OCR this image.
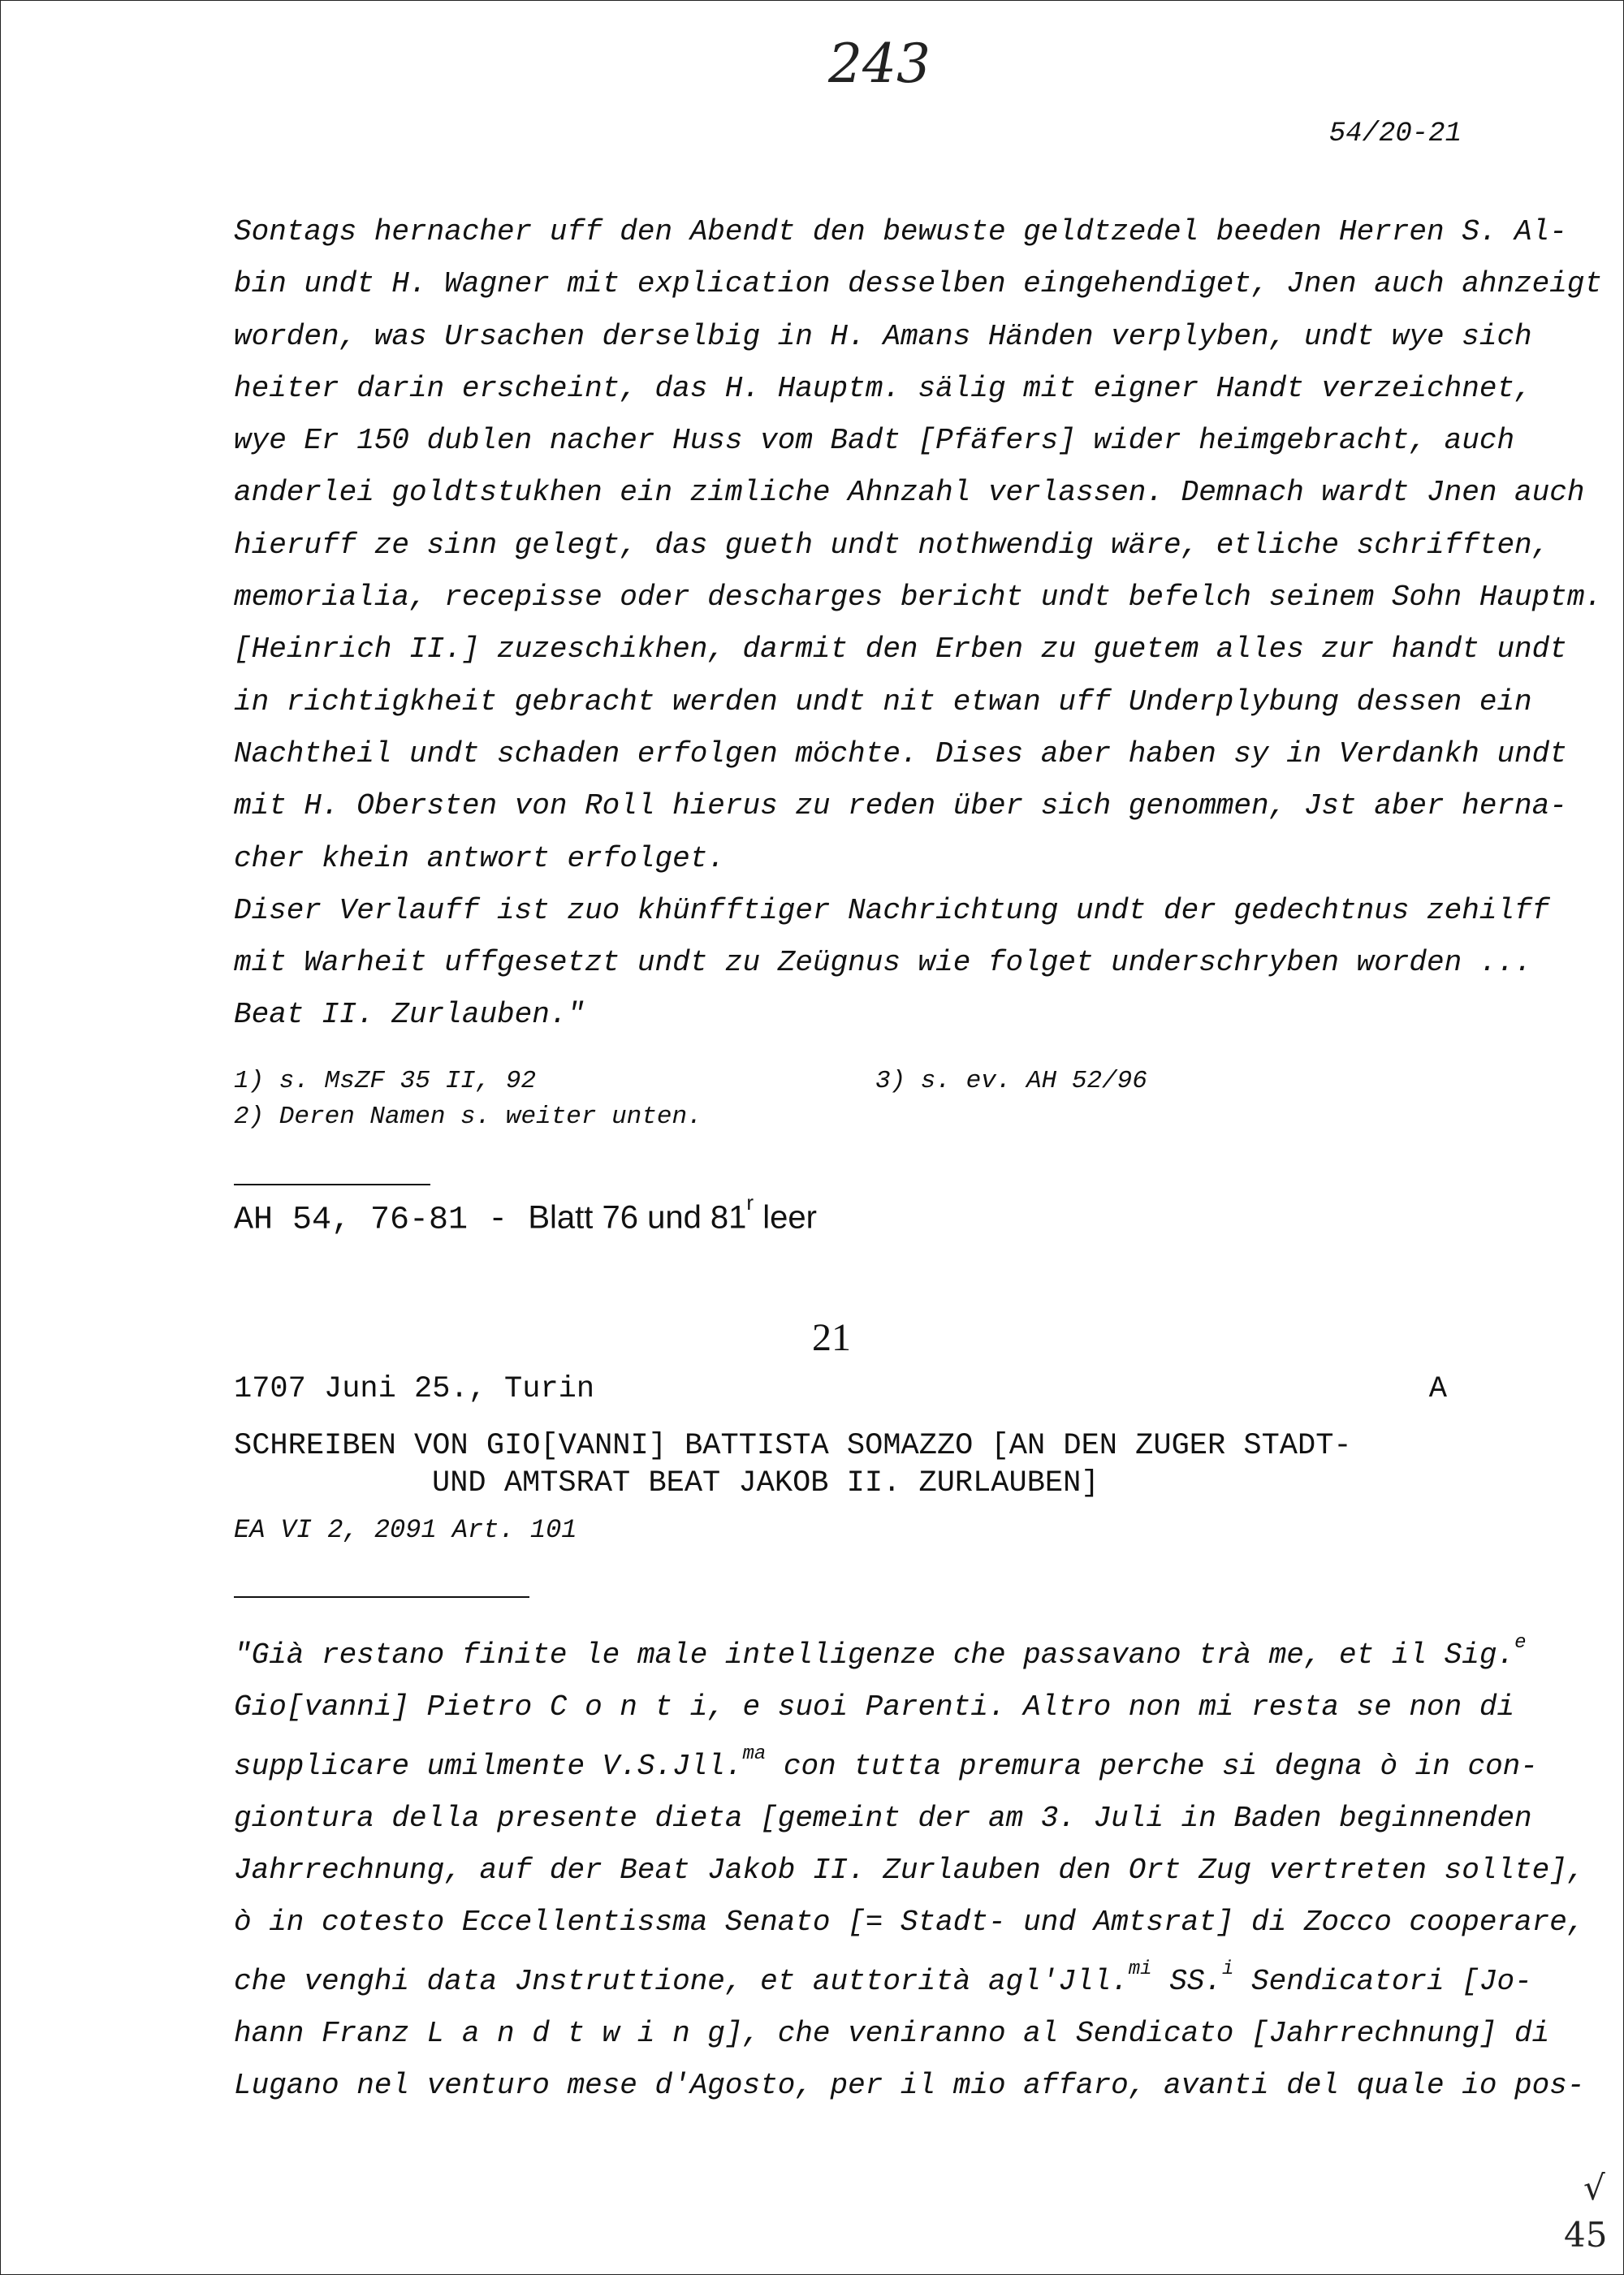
243
54/20-21
Sontags hernacher uff den Abendt den bewuste geldtzedel beeden Herren S. Al-
bin undt H. Wagner mit explication desselben eingehendiget, Jnen auch ahnzeigt
worden, was Ursachen derselbig in H. Amans Händen verplyben, undt wye sich
heiter darin erscheint, das H. Hauptm. sälig mit eigner Handt verzeichnet,
wye Er 150 dublen nacher Huss vom Badt [Pfäfers] wider heimgebracht, auch
anderlei goldtstukhen ein zimliche Ahnzahl verlassen. Demnach wardt Jnen auch
hieruff ze sinn gelegt, das gueth undt nothwendig wäre, etliche schrifften,
memorialia, recepisse oder descharges bericht undt befelch seinem Sohn Hauptm.
[Heinrich II.] zuzeschikhen, darmit den Erben zu guetem alles zur handt undt
in richtigkheit gebracht werden undt nit etwan uff Underplybung dessen ein
Nachtheil undt schaden erfolgen möchte. Dises aber haben sy in Verdankh undt
mit H. Obersten von Roll hierus zu reden über sich genommen, Jst aber herna-
cher khein antwort erfolget.
Diser Verlauff ist zuo khünfftiger Nachrichtung undt der gedechtnus zehilff
mit Warheit uffgesetzt undt zu Zeügnus wie folget underschryben worden ...
Beat II. Zurlauben."
1) s. MsZF 35 II, 92	3) s. ev. AH 52/96
2) Deren Namen s. weiter unten.
AH 54, 76-81 - Blatt 76 und 81$^r$ leer
21
1707 Juni 25., Turin	A
SCHREIBEN VON GIO[VANNI] BATTISTA SOMAZZO [AN DEN ZUGER STADT-
UND AMTSRAT BEAT JAKOB II. ZURLAUBEN]
EA VI 2, 2091 Art. 101
"Già restano finite le male intelligenze che passavano trà me, et il Sig.$^e$
Gio[vanni] Pietro C o n t i, e suoi Parenti. Altro non mi resta se non di
supplicare umilmente V.S.Jll.$^{ma}$ con tutta premura perche si degna ò in con-
giontura della presente dieta [gemeint der am 3. Juli in Baden beginnenden
Jahrrechnung, auf der Beat Jakob II. Zurlauben den Ort Zug vertreten sollte],
ò in cotesto Eccellentissma Senato [= Stadt- und Amtsrat] di Zocco cooperare,
che venghi data Jnstruttione, et auttorità agl'Jll.$^{mi}$ SS.$^i$ Sendicatori [Jo-
hann Franz L a n d t w i n g], che veniranno al Sendicato [Jahrrechnung] di
Lugano nel venturo mese d'Agosto, per il mio affaro, avanti del quale io pos-
√
45
